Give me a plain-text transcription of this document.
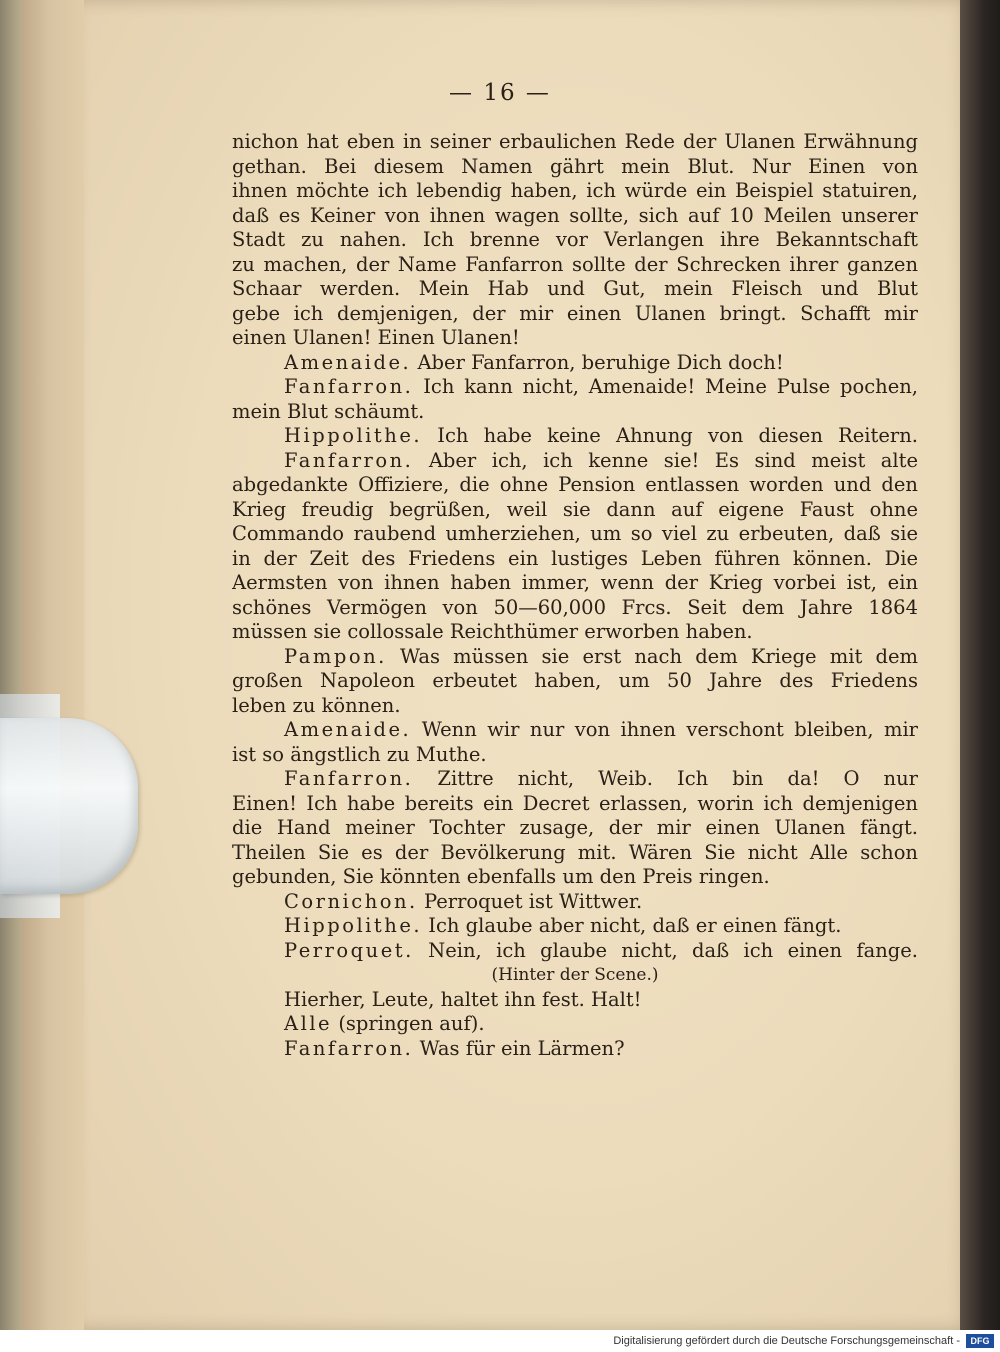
— 16 —
nichon hat eben in seiner erbaulichen Rede der Ulanen Erwähnung
gethan. Bei diesem Namen gährt mein Blut. Nur Einen von
ihnen möchte ich lebendig haben, ich würde ein Beispiel statuiren,
daß es Keiner von ihnen wagen sollte, sich auf 10 Meilen unserer
Stadt zu nahen. Ich brenne vor Verlangen ihre Bekanntschaft
zu machen, der Name Fanfarron sollte der Schrecken ihrer ganzen
Schaar werden. Mein Hab und Gut, mein Fleisch und Blut
gebe ich demjenigen, der mir einen Ulanen bringt. Schafft mir
einen Ulanen! Einen Ulanen!
Amenaide. Aber Fanfarron, beruhige Dich doch!
Fanfarron. Ich kann nicht, Amenaide! Meine Pulse pochen,
mein Blut schäumt.
Hippolithe. Ich habe keine Ahnung von diesen Reitern.
Fanfarron. Aber ich, ich kenne sie! Es sind meist alte
abgedankte Offiziere, die ohne Pension entlassen worden und den
Krieg freudig begrüßen, weil sie dann auf eigene Faust ohne
Commando raubend umherziehen, um so viel zu erbeuten, daß sie
in der Zeit des Friedens ein lustiges Leben führen können. Die
Aermsten von ihnen haben immer, wenn der Krieg vorbei ist, ein
schönes Vermögen von 50—60,000 Frcs. Seit dem Jahre 1864
müssen sie collossale Reichthümer erworben haben.
Pampon. Was müssen sie erst nach dem Kriege mit dem
großen Napoleon erbeutet haben, um 50 Jahre des Friedens
leben zu können.
Amenaide. Wenn wir nur von ihnen verschont bleiben, mir
ist so ängstlich zu Muthe.
Fanfarron. Zittre nicht, Weib. Ich bin da! O nur
Einen! Ich habe bereits ein Decret erlassen, worin ich demjenigen
die Hand meiner Tochter zusage, der mir einen Ulanen fängt.
Theilen Sie es der Bevölkerung mit. Wären Sie nicht Alle schon
gebunden, Sie könnten ebenfalls um den Preis ringen.
Cornichon. Perroquet ist Wittwer.
Hippolithe. Ich glaube aber nicht, daß er einen fängt.
Perroquet. Nein, ich glaube nicht, daß ich einen fange.
(Hinter der Scene.)
Hierher, Leute, haltet ihn fest. Halt!
Alle (springen auf).
Fanfarron. Was für ein Lärmen?
Digitalisierung gefördert durch die Deutsche Forschungsgemeinschaft -	DFG
